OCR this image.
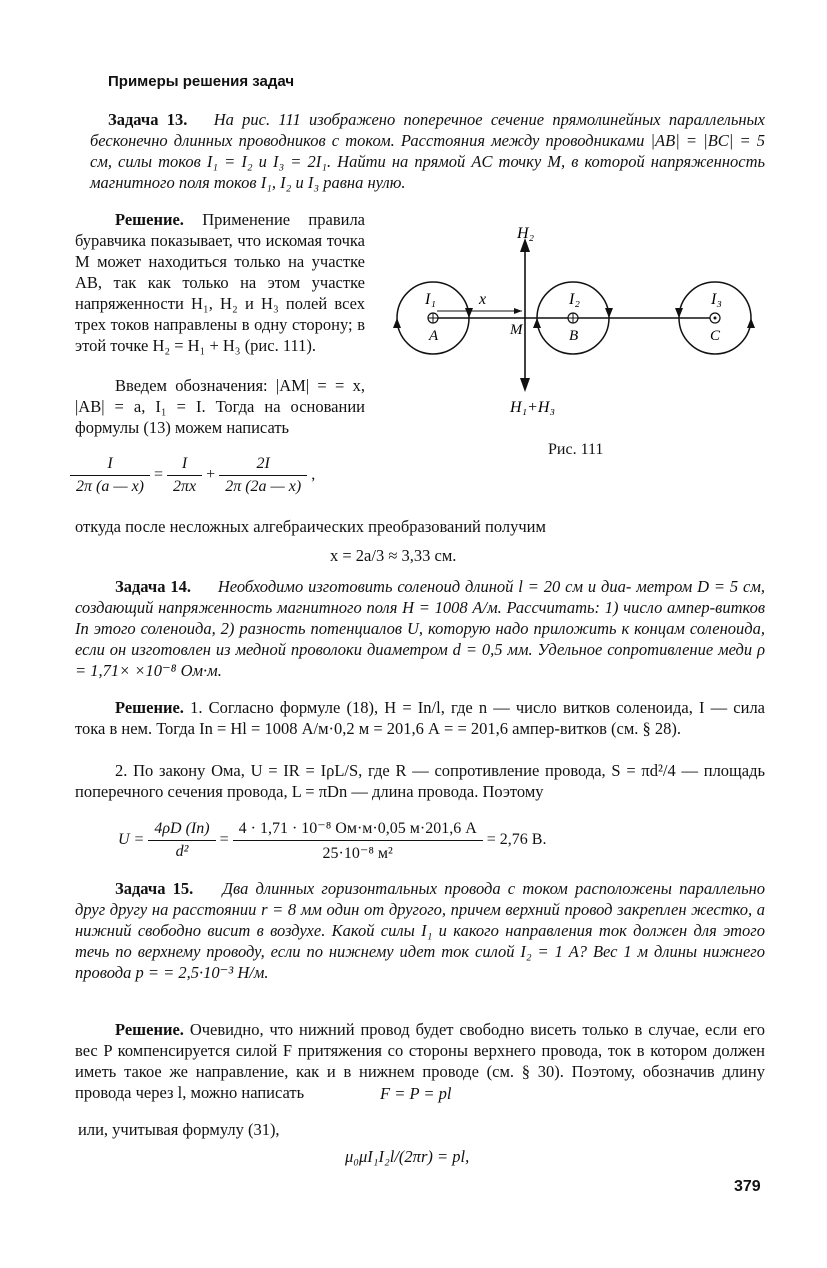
Примеры решения задач
Задача 13. На рис. 111 изображено поперечное сечение прямолинейных параллельных бесконечно длинных проводников с током. Расстояния между проводниками |AB| = |BC| = 5 см, силы токов I₁ = I₂ и I₃ = 2I₁. Найти на прямой AC точку M, в которой напряженность магнитного поля токов I₁, I₂ и I₃ равна нулю.
Решение. Применение правила буравчика показывает, что искомая точка M может находиться только на участке AB, так как только на этом участке напряженности H₁, H₂ и H₃ полей всех трех токов направлены в одну сторону; в этой точке H₂ = H₁ + H₃ (рис. 111).
Введем обозначения: |AM| = = x, |AB| = a, I₁ = I. Тогда на основании формулы (13) можем написать
H₂
H₁+H₃
I₁	I₂	I₃
x
A	M	B	C
Рис. 111
$\frac{I}{2\pi (a — x)} = \frac{I}{2\pi x} + \frac{2I}{2\pi (2a — x)}$ ,
откуда после несложных алгебраических преобразований получим
x = 2a/3 ≈ 3,33 см.
Задача 14. Необходимо изготовить соленоид длиной l = 20 см и диа- метром D = 5 см, создающий напряженность магнитного поля H = 1008 А/м. Рассчитать: 1) число ампер-витков In этого соленоида, 2) разность потенциалов U, которую надо приложить к концам соленоида, если он изготовлен из медной проволоки диаметром d = 0,5 мм. Удельное сопротивление меди ρ = 1,71× ×10⁻⁸ Ом·м.
Решение. 1. Согласно формуле (18), H = In/l, где n — число витков соленоида, I — сила тока в нем. Тогда In = Hl = 1008 А/м·0,2 м = 201,6 А = = 201,6 ампер-витков (см. § 28).
2. По закону Ома, U = IR = IρL/S, где R — сопротивление провода, S = πd²/4 — площадь поперечного сечения провода, L = πDn — длина провода. Поэтому
$U = \frac{4\rho D (In)}{\text{d²}} = \frac{\text{4 · 1,71 · 10⁻⁸ Ом·м·0,05 м·201,6 А}}{\text{25·10⁻⁸ м²}} = 2,76$ В.
Задача 15. Два длинных горизонтальных провода с током расположены параллельно друг другу на расстоянии r = 8 мм один от другого, причем верхний провод закреплен жестко, а нижний свободно висит в воздухе. Какой силы I₁ и какого направления ток должен для этого течь по верхнему проводу, если по нижнему идет ток силой I₂ = 1 А? Вес 1 м длины нижнего провода p = = 2,5·10⁻³ Н/м.
Решение. Очевидно, что нижний провод будет свободно висеть только в случае, если его вес P компенсируется силой F притяжения со стороны верхнего провода, ток в котором должен иметь такое же направление, как и в нижнем проводе (см. § 30). Поэтому, обозначив длину провода через l, можно написать	F = P = pl
или, учитывая формулу (31),
μ₀μI₁I₂l/(2πr) = pl,
379
